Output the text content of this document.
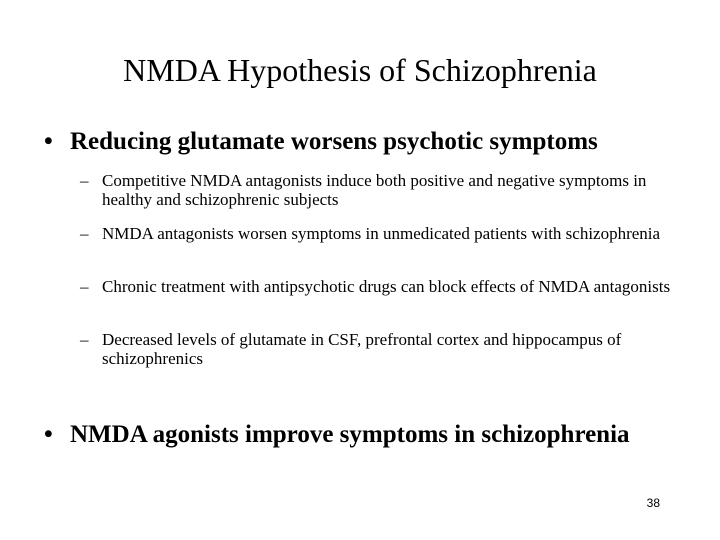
NMDA Hypothesis of Schizophrenia
• Reducing glutamate worsens psychotic symptoms
– Competitive NMDA antagonists induce both positive and negative symptoms in healthy and schizophrenic subjects
– NMDA antagonists worsen symptoms in unmedicated patients with schizophrenia
– Chronic treatment with antipsychotic drugs can block effects of NMDA antagonists
– Decreased levels of glutamate in CSF, prefrontal cortex and hippocampus of schizophrenics
• NMDA agonists improve symptoms in schizophrenia
38
